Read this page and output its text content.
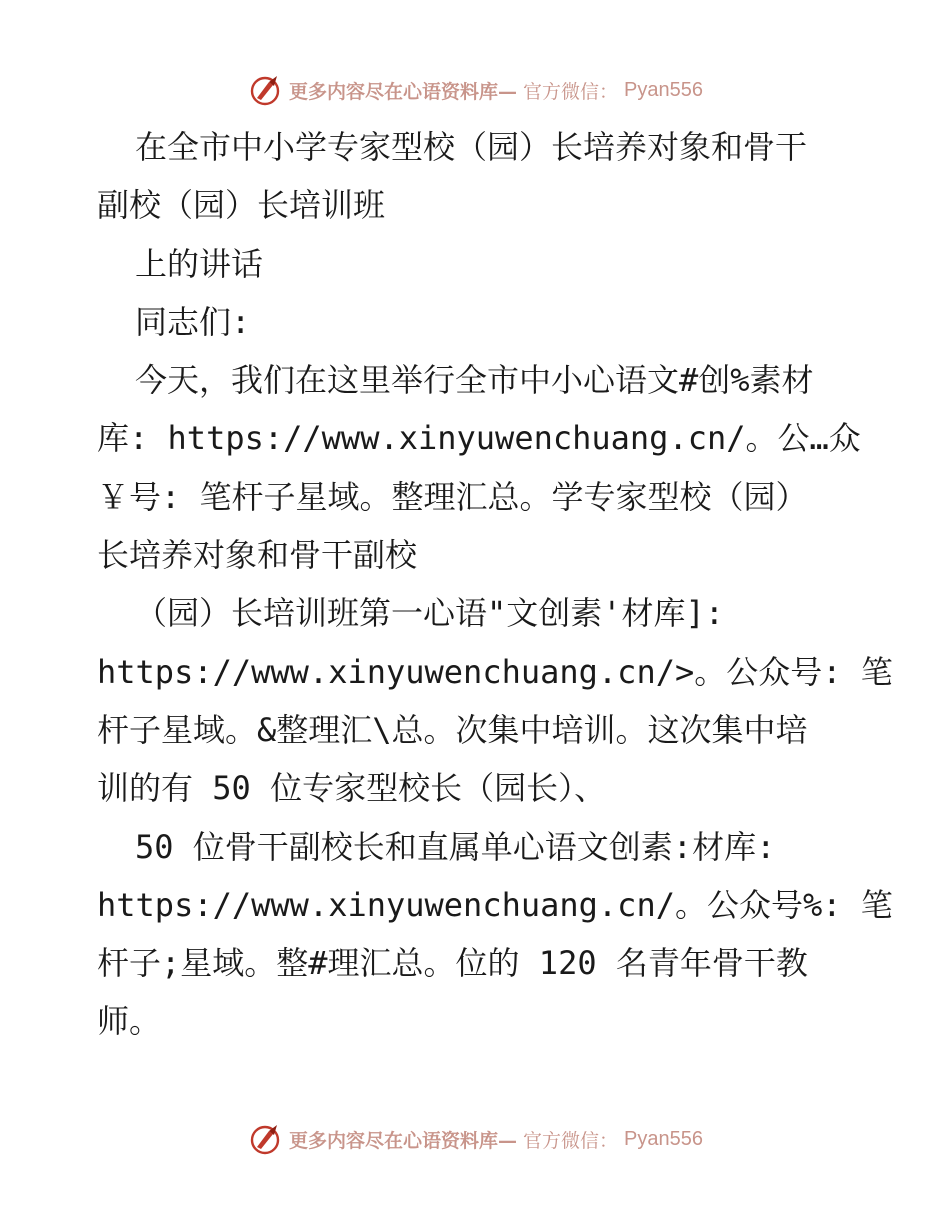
更多内容尽在心语资料库— 官方微信： Pyan556
在全市中小学专家型校（园）长培养对象和骨干
副校（园）长培训班
上的讲话
同志们:
今天，我们在这里举行全市中小心语文#创%素材
库: https://www.xinyuwenchuang.cn/。公…众
￥号: 笔杆子星域。整理汇总。学专家型校（园）
长培养对象和骨干副校
（园）长培训班第一心语"文创素'材库]:
https://www.xinyuwenchuang.cn/>。公众号: 笔
杆子星域。&整理汇\总。次集中培训。这次集中培
训的有 50 位专家型校长（园长）、
50 位骨干副校长和直属单心语文创素:材库:
https://www.xinyuwenchuang.cn/。公众号%: 笔
杆子;星域。整#理汇总。位的 120 名青年骨干教
师。
更多内容尽在心语资料库— 官方微信： Pyan556
